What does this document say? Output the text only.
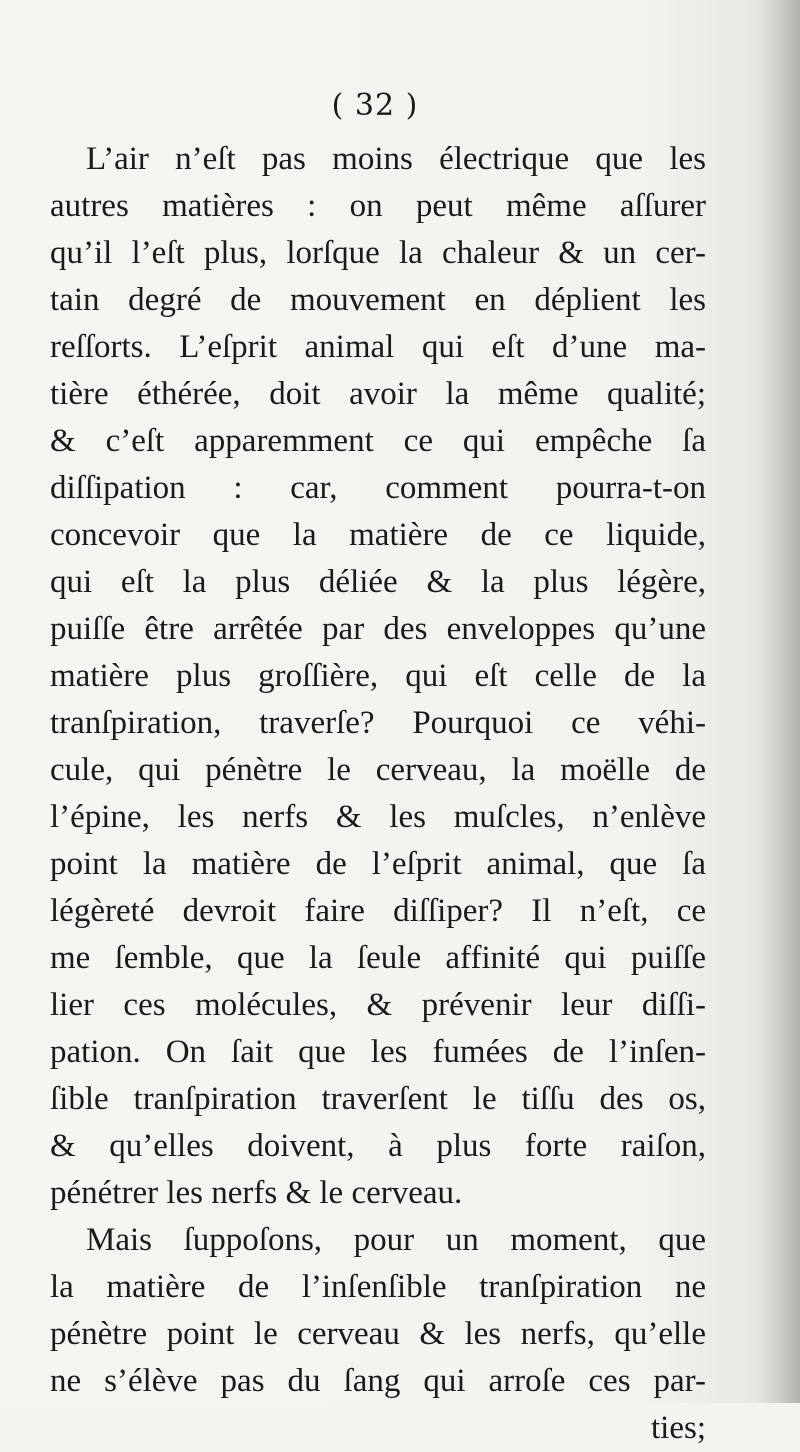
( 32 )
L’air n’eſt pas moins électrique que les
autres matières : on peut même aſſurer
qu’il l’eſt plus, lorſque la chaleur & un cer-
tain degré de mouvement en déplient les
reſſorts. L’eſprit animal qui eſt d’une ma-
tière éthérée, doit avoir la même qualité;
& c’eſt apparemment ce qui empêche ſa
diſſipation : car, comment pourra-t-on
concevoir que la matière de ce liquide,
qui eſt la plus déliée & la plus légère,
puiſſe être arrêtée par des enveloppes qu’une
matière plus groſſière, qui eſt celle de la
tranſpiration, traverſe? Pourquoi ce véhi-
cule, qui pénètre le cerveau, la moëlle de
l’épine, les nerfs & les muſcles, n’enlève
point la matière de l’eſprit animal, que ſa
légèreté devroit faire diſſiper? Il n’eſt, ce
me ſemble, que la ſeule affinité qui puiſſe
lier ces molécules, & prévenir leur diſſi-
pation. On ſait que les fumées de l’inſen-
ſible tranſpiration traverſent le tiſſu des os,
& qu’elles doivent, à plus forte raiſon,
pénétrer les nerfs & le cerveau.
Mais ſuppoſons, pour un moment, que
la matière de l’inſenſible tranſpiration ne
pénètre point le cerveau & les nerfs, qu’elle
ne s’élève pas du ſang qui arroſe ces par-
ties;
